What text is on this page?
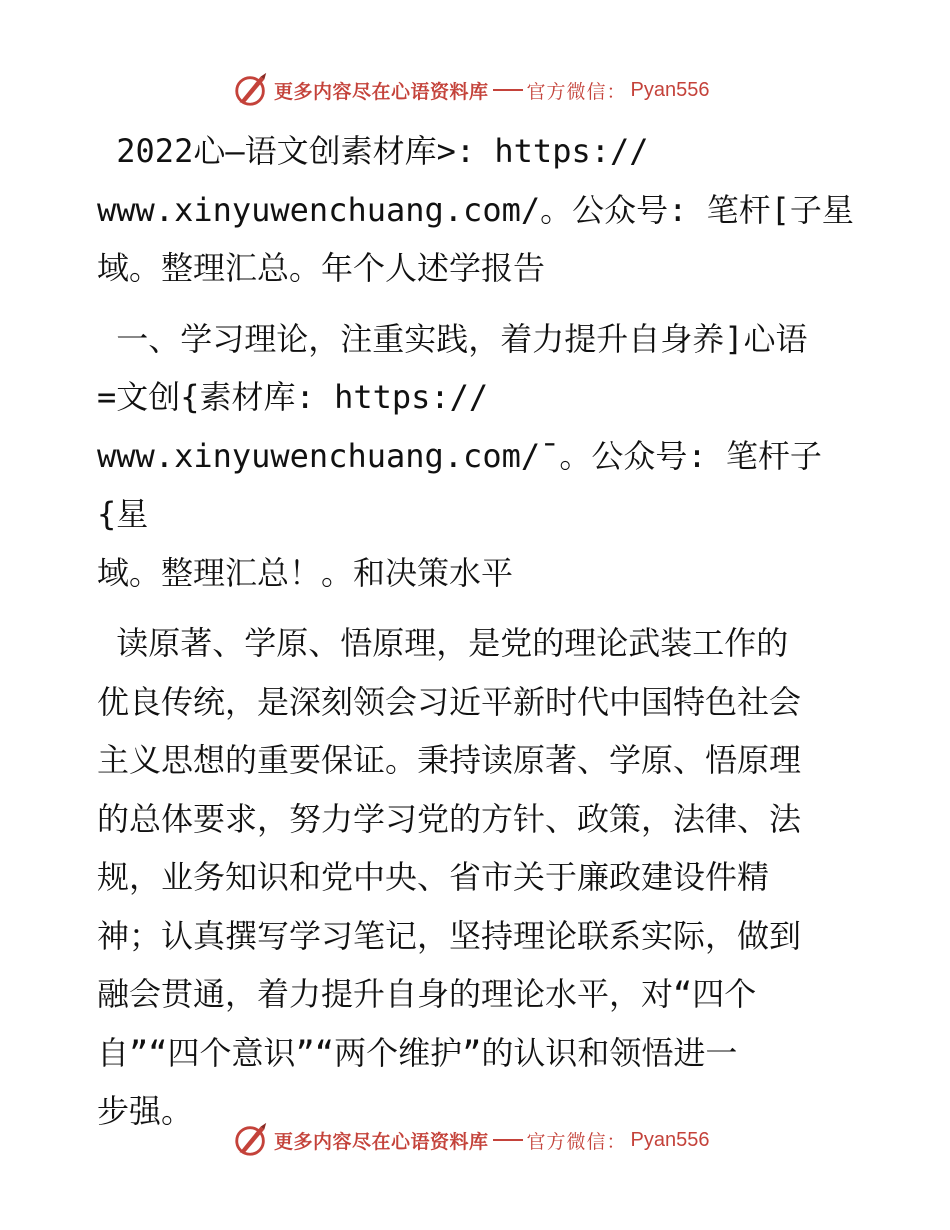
更多内容尽在心语资料库 官方微信： Pyan556
2022心—语文创素材库>: https://
www.xinyuwenchuang.com/。公众号: 笔杆[子星
域。整理汇总。年个人述学报告
一、学习理论，注重实践，着力提升自身养]心语
=文创{素材库: https://
www.xinyuwenchuang.com/¯。公众号: 笔杆子{星
域。整理汇总！。和决策水平
读原著、学原、悟原理，是党的理论武装工作的
优良传统，是深刻领会习近平新时代中国特色社会
主义思想的重要保证。秉持读原著、学原、悟原理
的总体要求，努力学习党的方针、政策，法律、法
规，业务知识和党中央、省市关于廉政建设件精
神；认真撰写学习笔记，坚持理论联系实际，做到
融会贯通，着力提升自身的理论水平，对“四个
自”“四个意识”“两个维护”的认识和领悟进一
步强。
更多内容尽在心语资料库 官方微信： Pyan556
